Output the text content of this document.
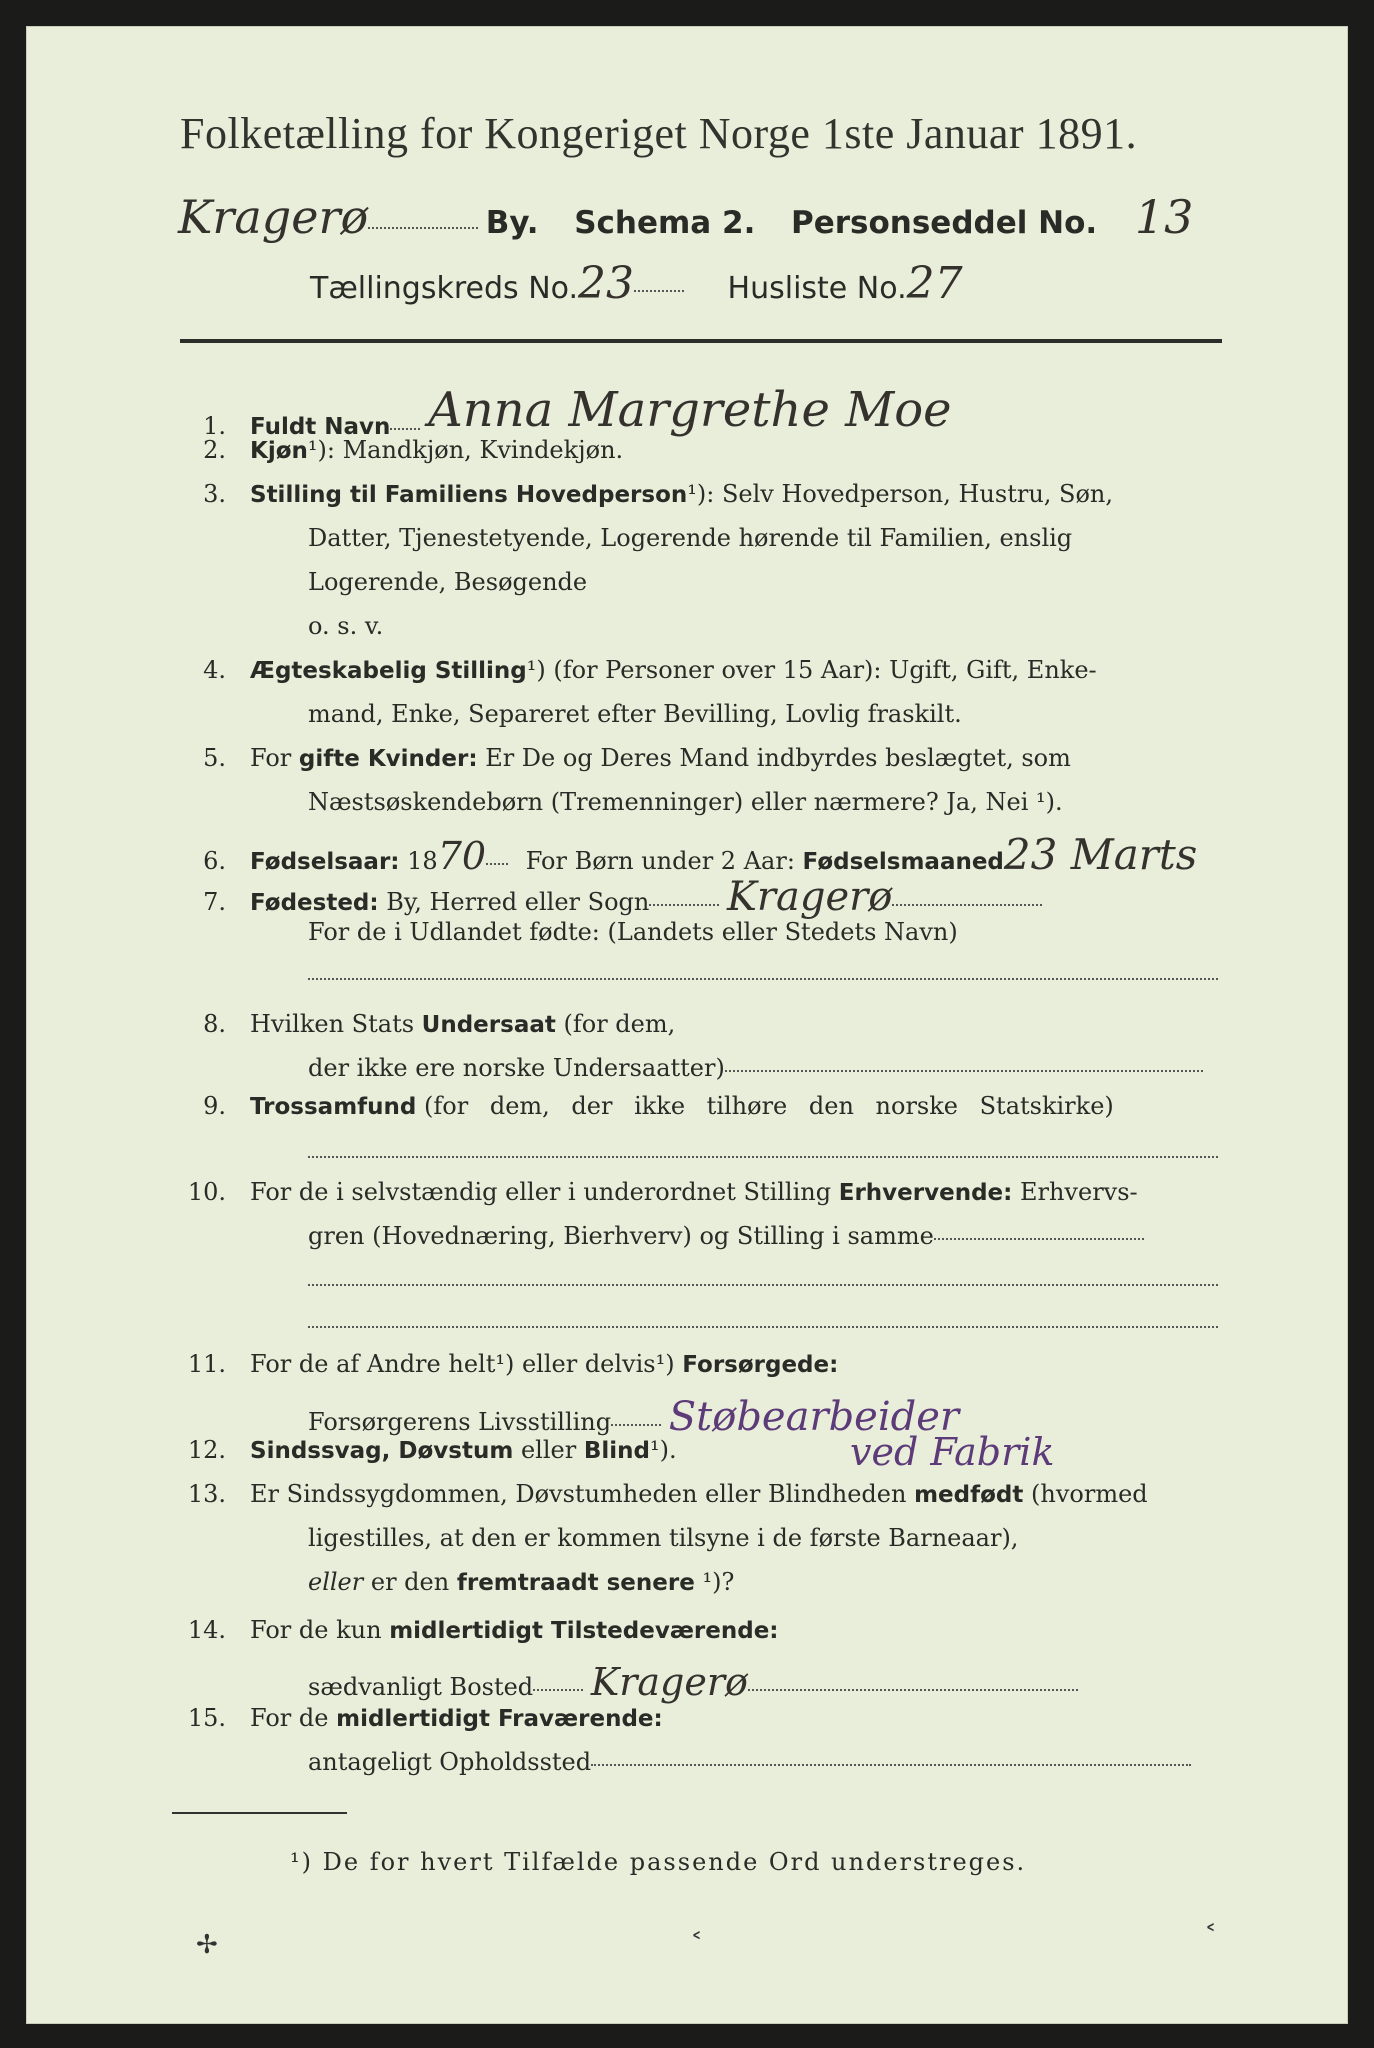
Folketælling for Kongeriget Norge 1ste Januar 1891.
Kragerø	By. Schema 2. Personseddel No. 13
Tællingskreds No.23	Husliste No.27
1. Fuldt Navn Anna Margrethe Moe
2. Kjøn¹): Mandkjøn, Kvindekjøn.
3. Stilling til Familiens Hovedperson¹): Selv Hovedperson, Hustru, Søn,
Datter, Tjenestetyende, Logerende hørende til Familien, enslig
Logerende, Besøgende
o. s. v.
4. Ægteskabelig Stilling¹) (for Personer over 15 Aar): Ugift, Gift, Enke-
mand, Enke, Separeret efter Bevilling, Lovlig fraskilt.
5. For gifte Kvinder: Er De og Deres Mand indbyrdes beslægtet, som
Næstsøskendebørn (Tremenninger) eller nærmere? Ja, Nei ¹).
6. Fødselsaar: 1870 For Børn under 2 Aar: Fødselsmaaned23 Marts
7. Fødested: By, Herred eller Sogn Kragerø
For de i Udlandet fødte: (Landets eller Stedets Navn)
8. Hvilken Stats Undersaat (for dem,
der ikke ere norske Undersaatter)
9. Trossamfund (for dem, der ikke tilhøre den norske Statskirke)
10. For de i selvstændig eller i underordnet Stilling Erhvervende: Erhvervs-
gren (Hovednæring, Bierhverv) og Stilling i samme
11. For de af Andre helt¹) eller delvis¹) Forsørgede:
Forsørgerens Livsstilling Støbearbeider
ved Fabrik
12. Sindssvag, Døvstum eller Blind¹).
13. Er Sindssygdommen, Døvstumheden eller Blindheden medfødt (hvormed
ligestilles, at den er kommen tilsyne i de første Barneaar),
eller er den fremtraadt senere ¹)?
14. For de kun midlertidigt Tilstedeværende:
sædvanligt Bosted Kragerø
15. For de midlertidigt Fraværende:
antageligt Opholdssted
¹) De for hvert Tilfælde passende Ord understreges.
✢	˂	˂
